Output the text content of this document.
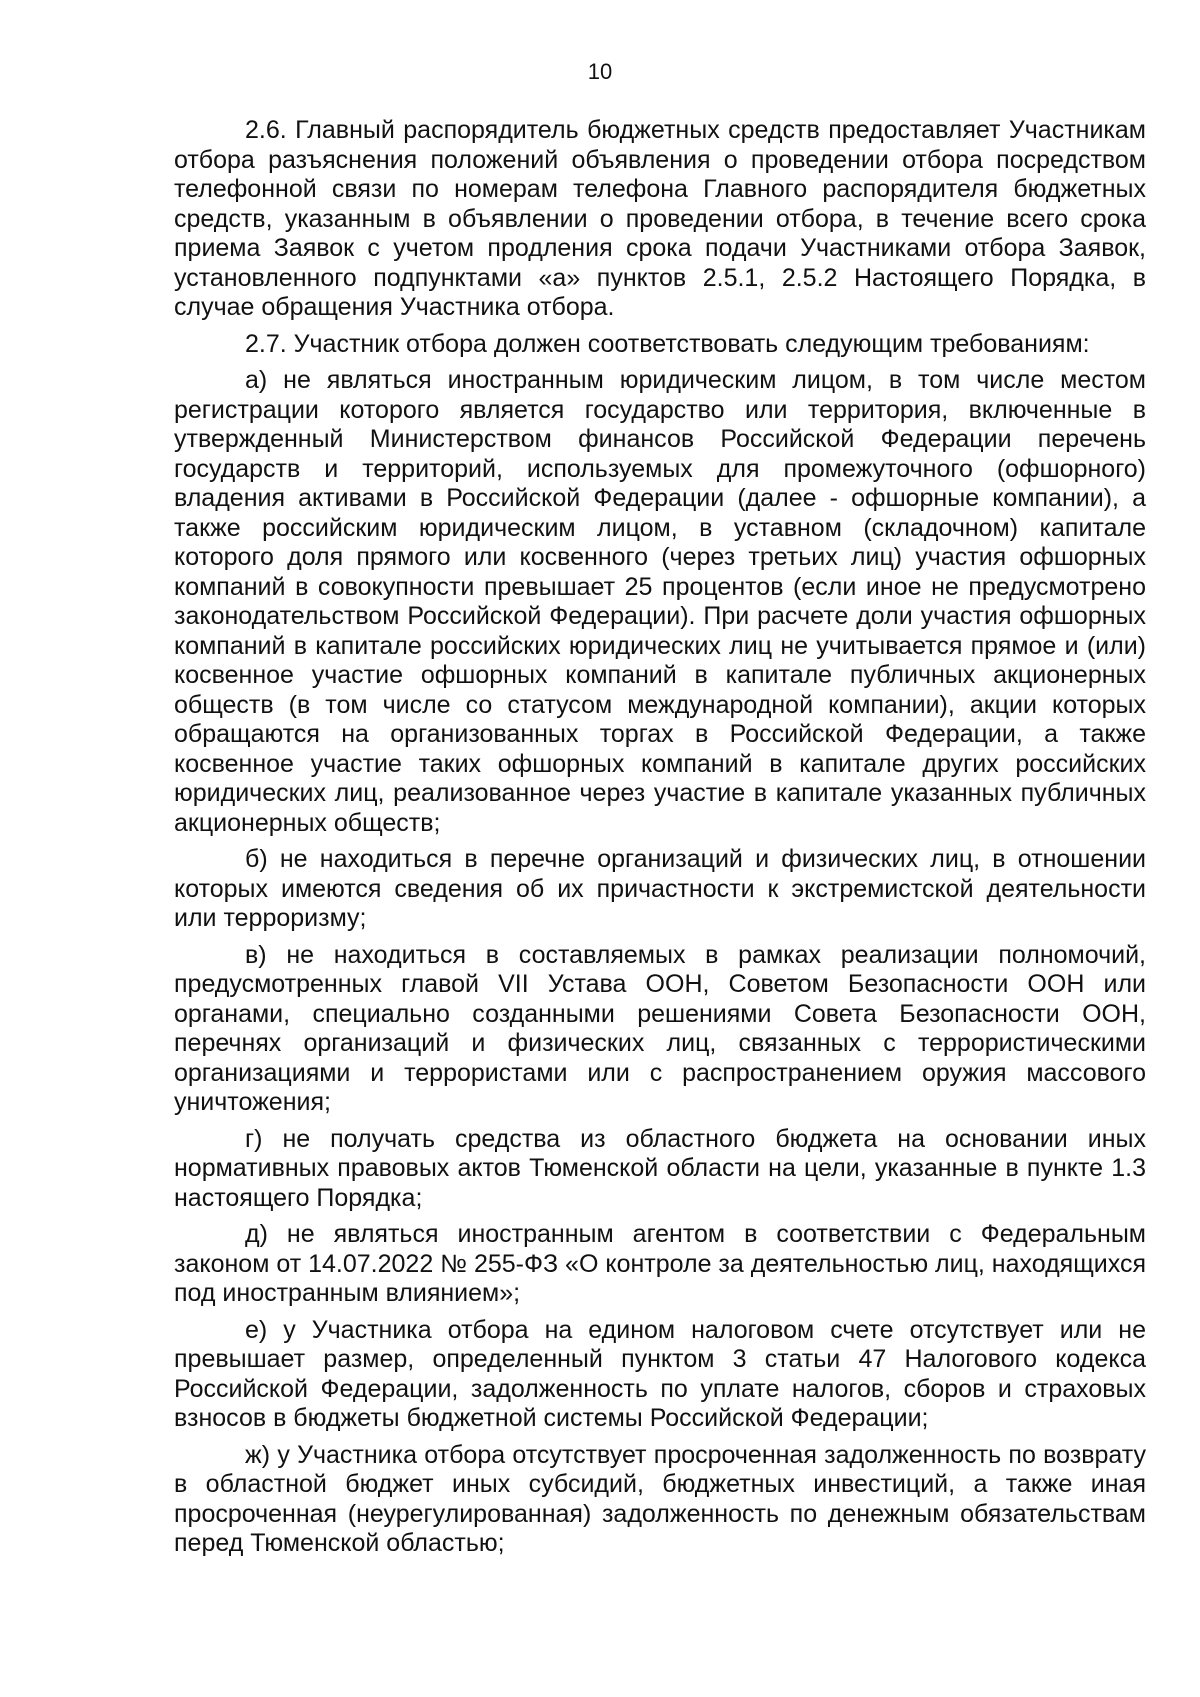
10

2.6. Главный распорядитель бюджетных средств предоставляет Участникам отбора разъяснения положений объявления о проведении отбора посредством телефонной связи по номерам телефона Главного распорядителя бюджетных средств, указанным в объявлении о проведении отбора, в течение всего срока приема Заявок с учетом продления срока подачи Участниками отбора Заявок, установленного подпунктами «а» пунктов 2.5.1, 2.5.2 Настоящего Порядка, в случае обращения Участника отбора.

2.7. Участник отбора должен соответствовать следующим требованиям:

а) не являться иностранным юридическим лицом, в том числе местом регистрации которого является государство или территория, включенные в утвержденный Министерством финансов Российской Федерации перечень государств и территорий, используемых для промежуточного (офшорного) владения активами в Российской Федерации (далее - офшорные компании), а также российским юридическим лицом, в уставном (складочном) капитале которого доля прямого или косвенного (через третьих лиц) участия офшорных компаний в совокупности превышает 25 процентов (если иное не предусмотрено законодательством Российской Федерации). При расчете доли участия офшорных компаний в капитале российских юридических лиц не учитывается прямое и (или) косвенное участие офшорных компаний в капитале публичных акционерных обществ (в том числе со статусом международной компании), акции которых обращаются на организованных торгах в Российской Федерации, а также косвенное участие таких офшорных компаний в капитале других российских юридических лиц, реализованное через участие в капитале указанных публичных акционерных обществ;

б) не находиться в перечне организаций и физических лиц, в отношении которых имеются сведения об их причастности к экстремистской деятельности или терроризму;

в) не находиться в составляемых в рамках реализации полномочий, предусмотренных главой VII Устава ООН, Советом Безопасности ООН или органами, специально созданными решениями Совета Безопасности ООН, перечнях организаций и физических лиц, связанных с террористическими организациями и террористами или с распространением оружия массового уничтожения;

г) не получать средства из областного бюджета на основании иных нормативных правовых актов Тюменской области на цели, указанные в пункте 1.3 настоящего Порядка;

д) не являться иностранным агентом в соответствии с Федеральным законом от 14.07.2022 № 255-ФЗ «О контроле за деятельностью лиц, находящихся под иностранным влиянием»;

е) у Участника отбора на едином налоговом счете отсутствует или не превышает размер, определенный пунктом 3 статьи 47 Налогового кодекса Российской Федерации, задолженность по уплате налогов, сборов и страховых взносов в бюджеты бюджетной системы Российской Федерации;

ж) у Участника отбора отсутствует просроченная задолженность по возврату в областной бюджет иных субсидий, бюджетных инвестиций, а также иная просроченная (неурегулированная) задолженность по денежным обязательствам перед Тюменской областью;
